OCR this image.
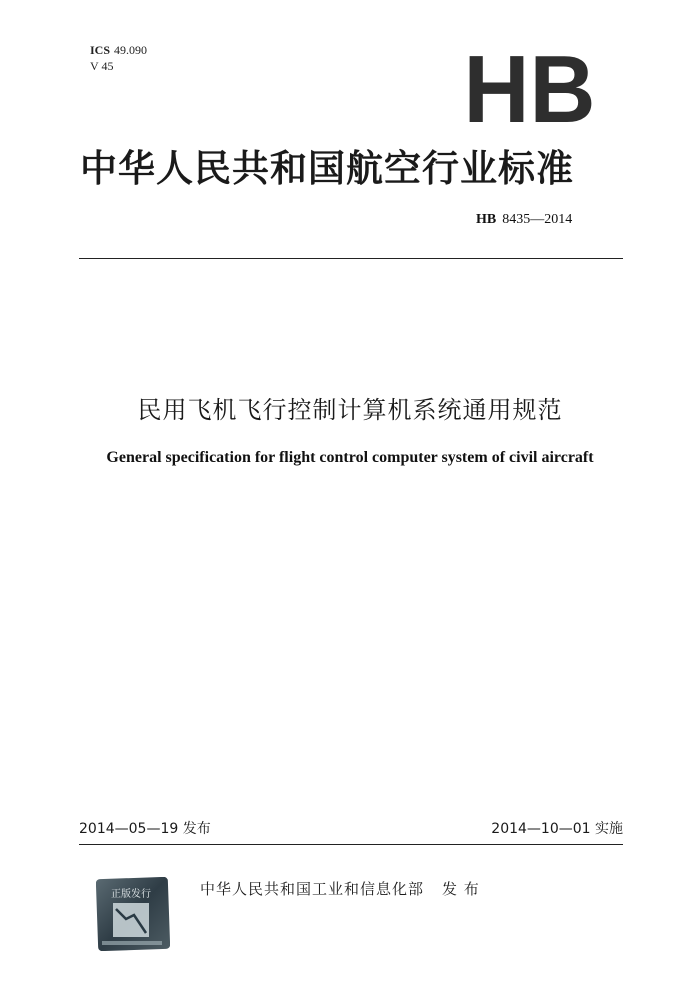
ICS 49.090
V 45	HB
中华人民共和国航空行业标准
HB 8435—2014
民用飞机飞行控制计算机系统通用规范
General specification for flight control computer system of civil aircraft
2014—05—19 发布	2014—10—01 实施
正版发行	中华人民共和国工业和信息化部 发 布
